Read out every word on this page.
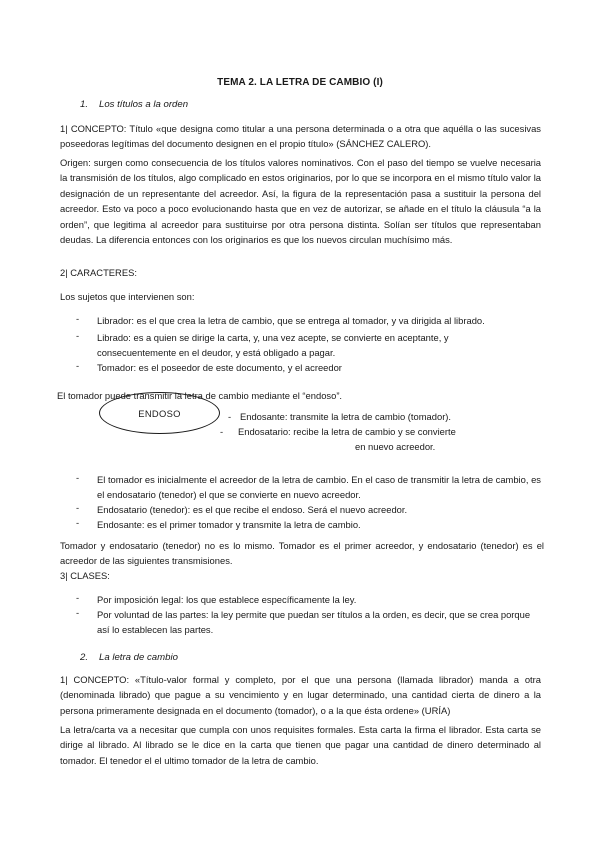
TEMA 2. LA LETRA DE CAMBIO (I)
1. Los títulos a la orden
1| CONCEPTO: Título «que designa como titular a una persona determinada o a otra que aquélla o las sucesivas poseedoras legítimas del documento designen en el propio título» (SÁNCHEZ CALERO).
Origen: surgen como consecuencia de los títulos valores nominativos. Con el paso del tiempo se vuelve necesaria la transmisión de los títulos, algo complicado en estos originarios, por lo que se incorpora en el mismo título valor la designación de un representante del acreedor. Así, la figura de la representación pasa a sustituir la persona del acreedor. Esto va poco a poco evolucionando hasta que en vez de autorizar, se añade en el título la cláusula “a la orden”, que legitima al acreedor para sustituirse por otra persona distinta. Solían ser títulos que representaban deudas. La diferencia entonces con los originarios es que los nuevos circulan muchísimo más.
2| CARACTERES:
Los sujetos que intervienen son:
- Librador: es el que crea la letra de cambio, que se entrega al tomador, y va dirigida al librado.
- Librado: es a quien se dirige la carta, y, una vez acepte, se convierte en aceptante, y consecuentemente en el deudor, y está obligado a pagar.
- Tomador: es el poseedor de este documento, y el acreedor
El tomador puede transmitir la letra de cambio mediante el “endoso”.
ENDOSO	- Endosante: transmite la letra de cambio (tomador).
- Endosatario: recibe la letra de cambio y se convierte
en nuevo acreedor.
- El tomador es inicialmente el acreedor de la letra de cambio. En el caso de transmitir la letra de cambio, es el endosatario (tenedor) el que se convierte en nuevo acreedor.
- Endosatario (tenedor): es el que recibe el endoso. Será el nuevo acreedor.
- Endosante: es el primer tomador y transmite la letra de cambio.
Tomador y endosatario (tenedor) no es lo mismo. Tomador es el primer acreedor, y endosatario (tenedor) es el acreedor de las siguientes transmisiones.
3| CLASES:
- Por imposición legal: los que establece específicamente la ley.
- Por voluntad de las partes: la ley permite que puedan ser títulos a la orden, es decir, que se crea porque así lo establecen las partes.
2. La letra de cambio
1| CONCEPTO: «Título-valor formal y completo, por el que una persona (llamada librador) manda a otra (denominada librado) que pague a su vencimiento y en lugar determinado, una cantidad cierta de dinero a la persona primeramente designada en el documento (tomador), o a la que ésta ordene» (URÍA)
La letra/carta va a necesitar que cumpla con unos requisites formales. Esta carta la firma el librador. Esta carta se dirige al librado. Al librado se le dice en la carta que tienen que pagar una cantidad de dinero determinado al tomador. El tenedor el el ultimo tomador de la letra de cambio.
